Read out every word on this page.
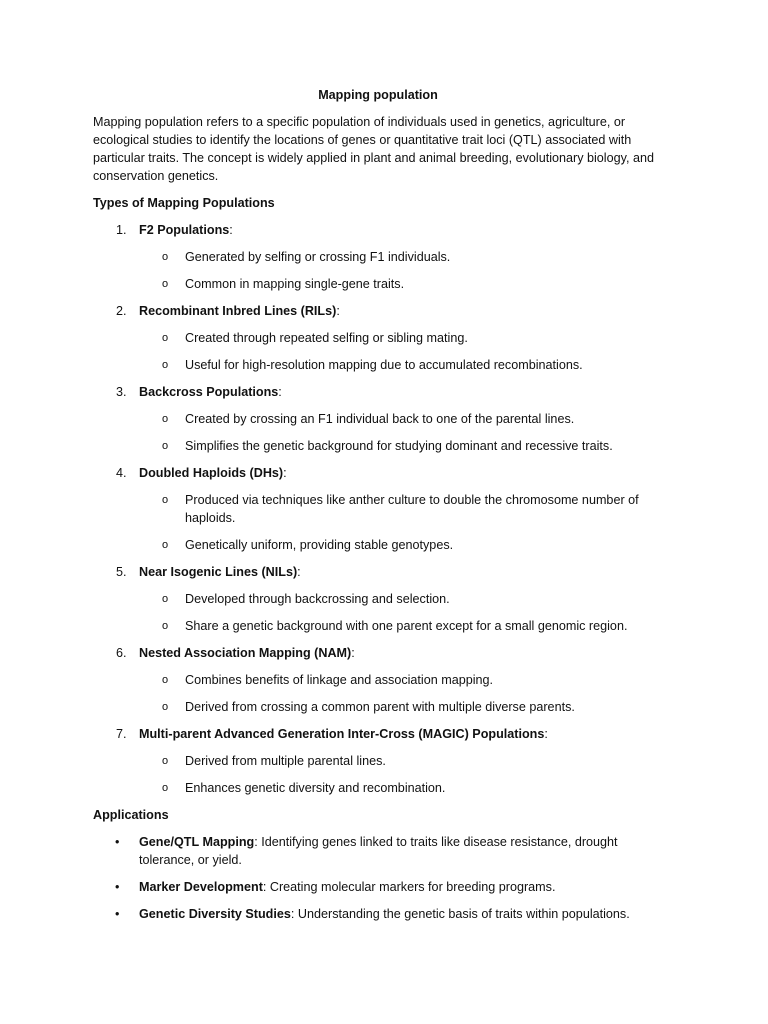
Mapping population
Mapping population refers to a specific population of individuals used in genetics, agriculture, or ecological studies to identify the locations of genes or quantitative trait loci (QTL) associated with particular traits. The concept is widely applied in plant and animal breeding, evolutionary biology, and conservation genetics.
Types of Mapping Populations
1. F2 Populations:
o Generated by selfing or crossing F1 individuals.
o Common in mapping single-gene traits.
2. Recombinant Inbred Lines (RILs):
o Created through repeated selfing or sibling mating.
o Useful for high-resolution mapping due to accumulated recombinations.
3. Backcross Populations:
o Created by crossing an F1 individual back to one of the parental lines.
o Simplifies the genetic background for studying dominant and recessive traits.
4. Doubled Haploids (DHs):
o Produced via techniques like anther culture to double the chromosome number of haploids.
o Genetically uniform, providing stable genotypes.
5. Near Isogenic Lines (NILs):
o Developed through backcrossing and selection.
o Share a genetic background with one parent except for a small genomic region.
6. Nested Association Mapping (NAM):
o Combines benefits of linkage and association mapping.
o Derived from crossing a common parent with multiple diverse parents.
7. Multi-parent Advanced Generation Inter-Cross (MAGIC) Populations:
o Derived from multiple parental lines.
o Enhances genetic diversity and recombination.
Applications
• Gene/QTL Mapping: Identifying genes linked to traits like disease resistance, drought tolerance, or yield.
• Marker Development: Creating molecular markers for breeding programs.
• Genetic Diversity Studies: Understanding the genetic basis of traits within populations.
